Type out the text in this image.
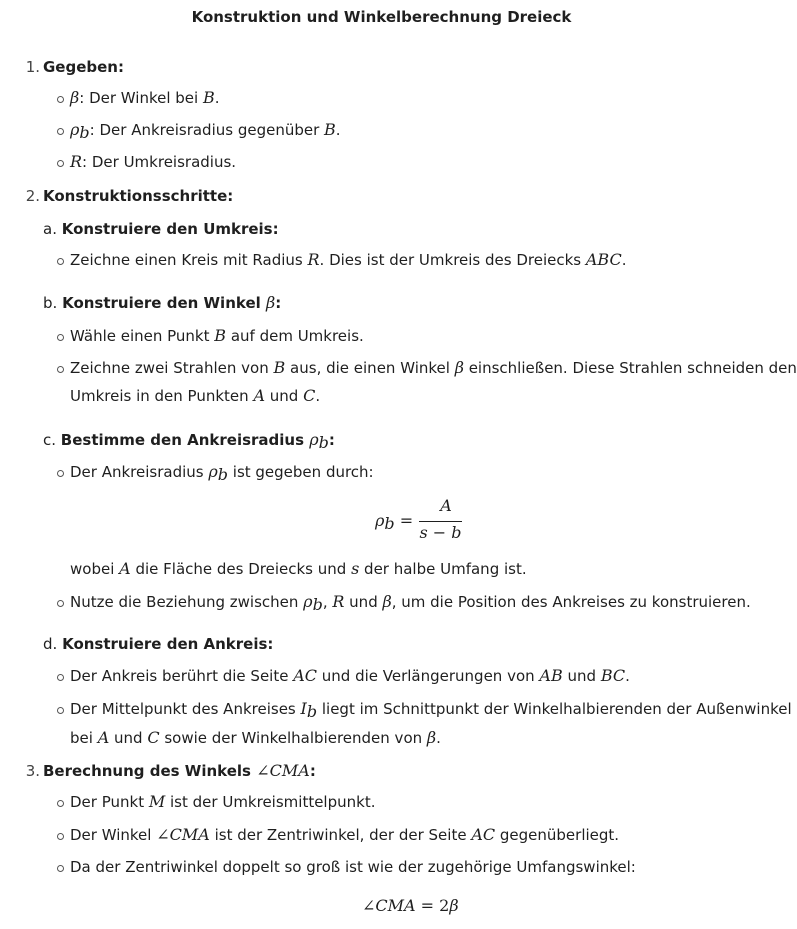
Konstruktion und Winkelberechnung Dreieck
1. Gegeben:
β: Der Winkel bei B.
$\rho_b$: Der Ankreisradius gegenüber B.
R: Der Umkreisradius.
2. Konstruktionsschritte:
a. Konstruiere den Umkreis:
Zeichne einen Kreis mit Radius R. Dies ist der Umkreis des Dreiecks ABC.
b. Konstruiere den Winkel β:
Wähle einen Punkt B auf dem Umkreis.
Zeichne zwei Strahlen von B aus, die einen Winkel β einschließen. Diese Strahlen schneiden den
Umkreis in den Punkten A und C.
c. Bestimme den Ankreisradius $\rho_b$:
Der Ankreisradius $\rho_b$ ist gegeben durch:
$\rho_b$ =
A
s − b
wobei A die Fläche des Dreiecks und s der halbe Umfang ist.
Nutze die Beziehung zwischen $\rho_b$, R und β, um die Position des Ankreises zu konstruieren.
d. Konstruiere den Ankreis:
Der Ankreis berührt die Seite AC und die Verlängerungen von AB und BC.
Der Mittelpunkt des Ankreises $I_b$ liegt im Schnittpunkt der Winkelhalbierenden der Außenwinkel
bei A und C sowie der Winkelhalbierenden von β.
3. Berechnung des Winkels ∠CMA:
Der Punkt M ist der Umkreismittelpunkt.
Der Winkel ∠CMA ist der Zentriwinkel, der der Seite AC gegenüberliegt.
Da der Zentriwinkel doppelt so groß ist wie der zugehörige Umfangswinkel:
∠CMA = 2β
